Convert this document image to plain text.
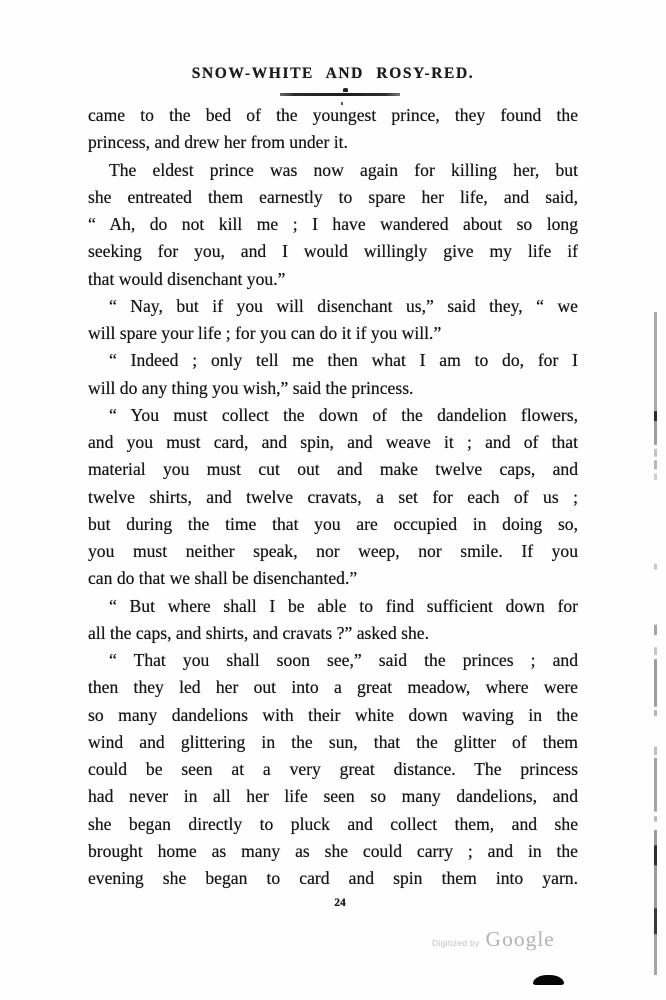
SNOW-WHITE AND ROSY-RED.
came to the bed of the youngest prince, they found the
princess, and drew her from under it.
The eldest prince was now again for killing her, but
she entreated them earnestly to spare her life, and said,
“ Ah, do not kill me ; I have wandered about so long
seeking for you, and I would willingly give my life if
that would disenchant you.”
“ Nay, but if you will disenchant us,” said they, “ we
will spare your life ; for you can do it if you will.”
“ Indeed ; only tell me then what I am to do, for I
will do any thing you wish,” said the princess.
“ You must collect the down of the dandelion flowers,
and you must card, and spin, and weave it ; and of that
material you must cut out and make twelve caps, and
twelve shirts, and twelve cravats, a set for each of us ;
but during the time that you are occupied in doing so,
you must neither speak, nor weep, nor smile. If you
can do that we shall be disenchanted.”
“ But where shall I be able to find sufficient down for
all the caps, and shirts, and cravats ?” asked she.
“ That you shall soon see,” said the princes ; and
then they led her out into a great meadow, where were
so many dandelions with their white down waving in the
wind and glittering in the sun, that the glitter of them
could be seen at a very great distance. The princess
had never in all her life seen so many dandelions, and
she began directly to pluck and collect them, and she
brought home as many as she could carry ; and in the
evening she began to card and spin them into yarn.
24
Digitized by Google
